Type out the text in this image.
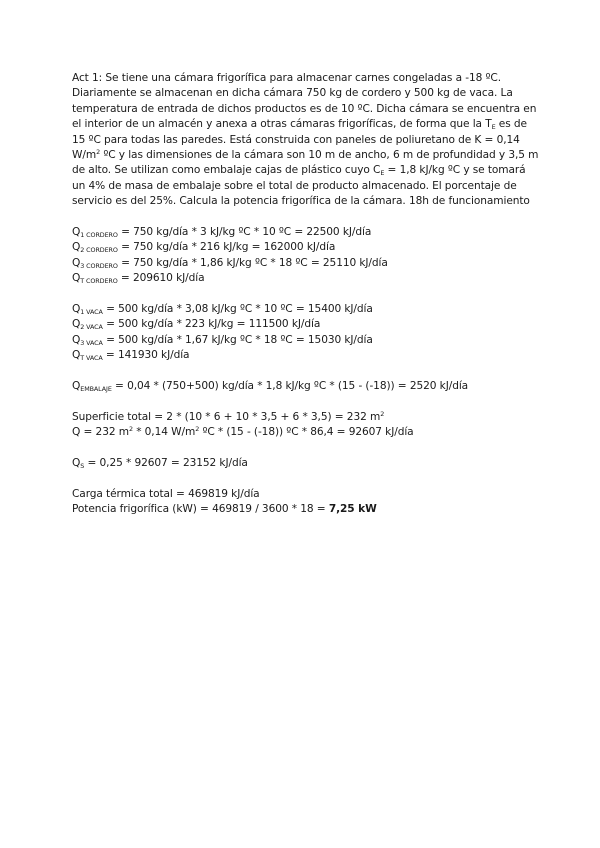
Act 1: Se tiene una cámara frigorífica para almacenar carnes congeladas a -18 ºC. Diariamente se almacenan en dicha cámara 750 kg de cordero y 500 kg de vaca. La temperatura de entrada de dichos productos es de 10 ºC. Dicha cámara se encuentra en el interior de un almacén y anexa a otras cámaras frigoríficas, de forma que la $T_E$ es de 15 ºC para todas las paredes. Está construida con paneles de poliuretano de K = 0,14 $W/m^2$ ºC y las dimensiones de la cámara son 10 m de ancho, 6 m de profundidad y 3,5 m de alto. Se utilizan como embalaje cajas de plástico cuyo $C_E = 1,8$ kJ/kg ºC y se tomará un 4% de masa de embalaje sobre el total de producto almacenado. El porcentaje de servicio es del 25%. Calcula la potencia frigorífica de la cámara. 18h de funcionamiento

$Q_{1 CORDERO} = 750$ kg/día * 3 kJ/kg ºC * 10 ºC = 22500 kJ/día
$Q_{2 CORDERO} = 750$ kg/día * 216 kJ/kg = 162000 kJ/día
$Q_{3 CORDERO} = 750$ kg/día * 1,86 kJ/kg ºC * 18 ºC = 25110 kJ/día
$Q_{T CORDERO} = 209610$ kJ/día
$Q_{1 VACA} = 500$ kg/día * 3,08 kJ/kg ºC * 10 ºC = 15400 kJ/día
$Q_{2 VACA} = 500$ kg/día * 223 kJ/kg = 111500 kJ/día
$Q_{3 VACA} = 500$ kg/día * 1,67 kJ/kg ºC * 18 ºC = 15030 kJ/día
$Q_{T VACA} = 141930$ kJ/día
$Q_{EMBALAJE} = 0,04 * (750+500)$ kg/día * 1,8 kJ/kg ºC * (15 - (-18)) = 2520 kJ/día
Superficie total = 2 * (10 * 6 + 10 * 3,5 + 6 * 3,5) = 232 $m^2$
Q = 232 $m^2 * 0,14$ $W/m^2$ ºC * (15 - (-18)) ºC * 86,4 = 92607 kJ/día
$Q_S = 0,25 * 92607 = 23152$ kJ/día
Carga térmica total = 469819 kJ/día
Potencia frigorífica (kW) = 469819 / 3600 * 18 = 7,25 kW
